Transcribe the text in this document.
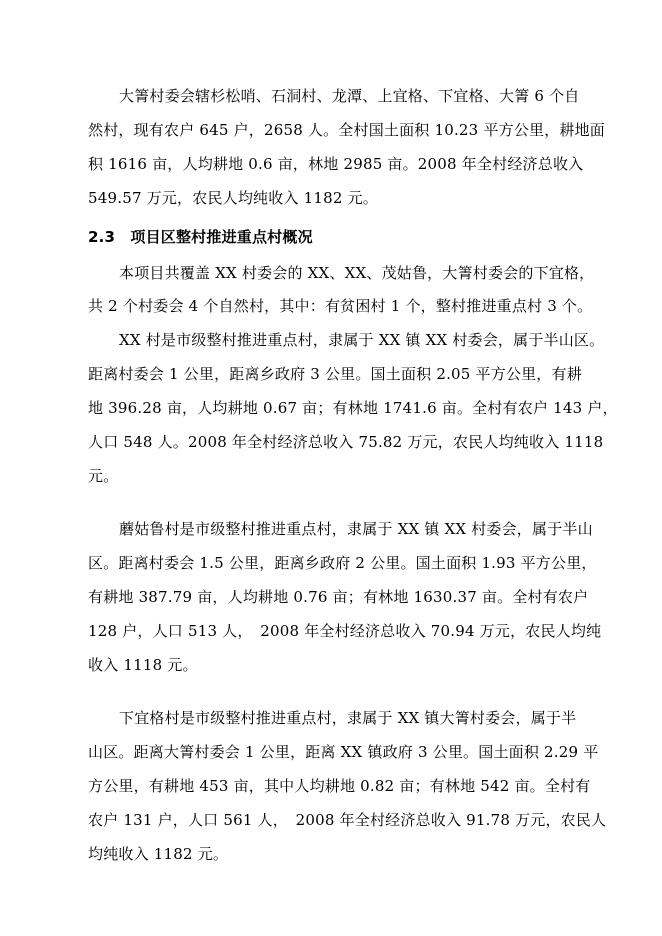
大箐村委会辖杉松哨、石洞村、龙潭、上宜格、下宜格、大箐 6 个自
然村，现有农户 645 户，2658 人。全村国土面积 10.23 平方公里，耕地面
积 1616 亩，人均耕地 0.6 亩，林地 2985 亩。2008 年全村经济总收入
549.57 万元，农民人均纯收入 1182 元。
2.3　项目区整村推进重点村概况
本项目共覆盖 XX 村委会的 XX、XX、茂姑鲁，大箐村委会的下宜格，
共 2 个村委会 4 个自然村，其中：有贫困村 1 个，整村推进重点村 3 个。
XX 村是市级整村推进重点村，隶属于 XX 镇 XX 村委会，属于半山区。
距离村委会 1 公里，距离乡政府 3 公里。国土面积 2.05 平方公里，有耕
地 396.28 亩，人均耕地 0.67 亩；有林地 1741.6 亩。全村有农户 143 户，
人口 548 人。2008 年全村经济总收入 75.82 万元，农民人均纯收入 1118
元。
蘑姑鲁村是市级整村推进重点村，隶属于 XX 镇 XX 村委会，属于半山
区。距离村委会 1.5 公里，距离乡政府 2 公里。国土面积 1.93 平方公里，
有耕地 387.79 亩，人均耕地 0.76 亩；有林地 1630.37 亩。全村有农户
128 户，人口 513 人，　2008 年全村经济总收入 70.94 万元，农民人均纯
收入 1118 元。
下宜格村是市级整村推进重点村，隶属于 XX 镇大箐村委会，属于半
山区。距离大箐村委会 1 公里，距离 XX 镇政府 3 公里。国土面积 2.29 平
方公里，有耕地 453 亩，其中人均耕地 0.82 亩；有林地 542 亩。全村有
农户 131 户，人口 561 人，　2008 年全村经济总收入 91.78 万元，农民人
均纯收入 1182 元。
